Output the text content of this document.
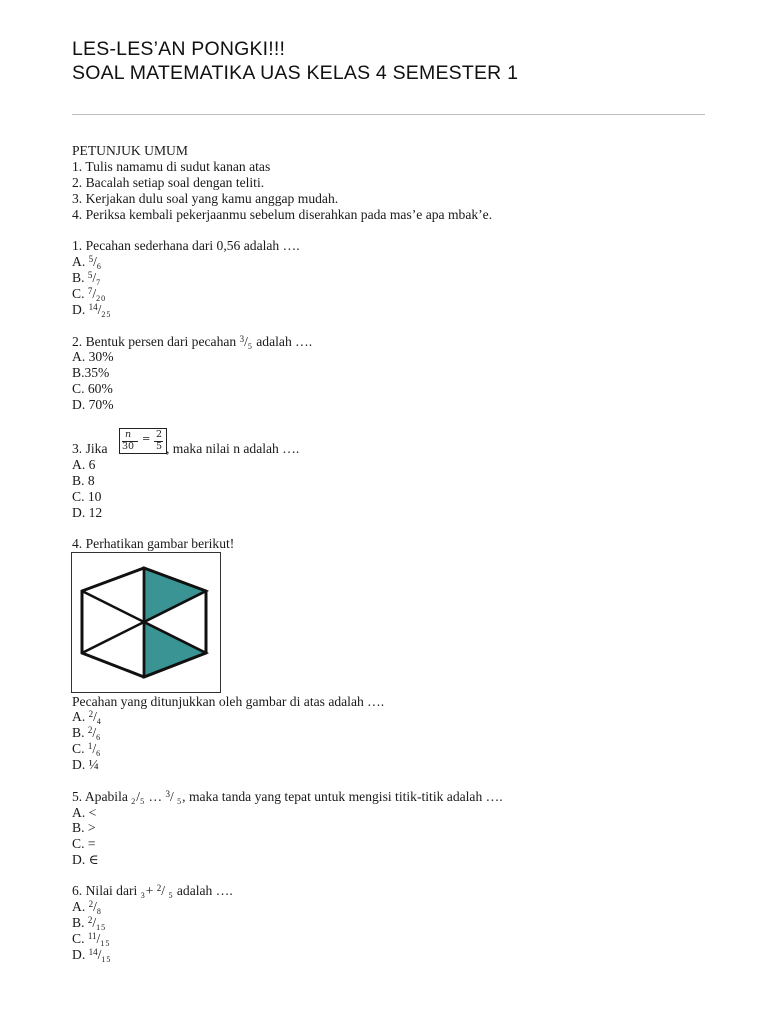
LES-LES’AN PONGKI!!!
SOAL MATEMATIKA UAS KELAS 4 SEMESTER 1
PETUNJUK UMUM
1. Tulis namamu di sudut kanan atas
2. Bacalah setiap soal dengan teliti.
3. Kerjakan dulu soal yang kamu anggap mudah.
4. Periksa kembali pekerjaanmu sebelum diserahkan pada mas’e apa mbak’e.
1. Pecahan sederhana dari 0,56 adalah ….
A. $^5/_6$
B. $^5/_7$
C. $^7/_{20}$
D. $^{14}/_{25}$
2. Bentuk persen dari pecahan $^3/_5$ adalah ….
A. 30%
B.35%
C. 60%
D. 70%
3. Jika
n
30
= 2
5 , maka nilai n adalah ….
A. 6
B. 8
C. 10
D. 12
4. Perhatikan gambar berikut!
Pecahan yang ditunjukkan oleh gambar di atas adalah ….
A. $^2/_4$
B. $^2/_6$
C. $^1/_6$
D. ¼
5. Apabila $_2/_5$ … $^3$/ $_5$, maka tanda yang tepat untuk mengisi titik-titik adalah ….
A. <
B. >
C. =
D. ∈
6. Nilai dari $_3$+ $^2$/ $_5$ adalah ….
A. $^2/_8$
B. $^2/_{15}$
C. $^{11}/_{15}$
D. $^{14}/_{15}$
